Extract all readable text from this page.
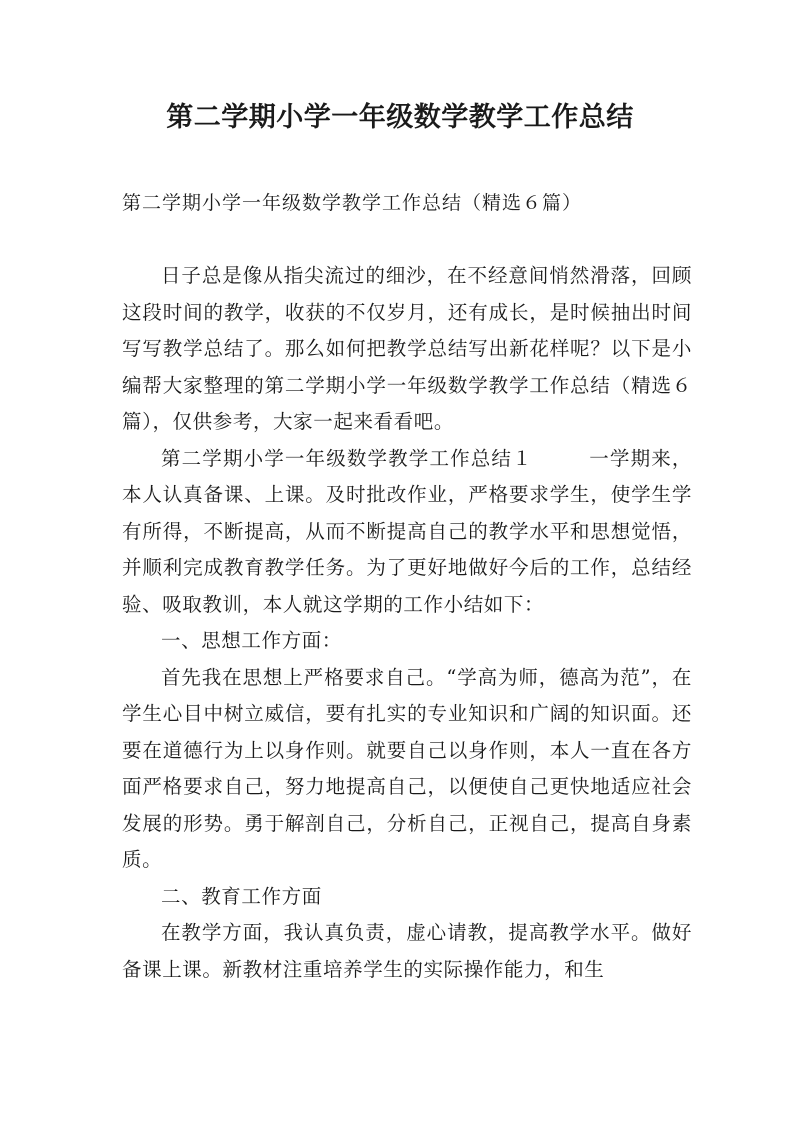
第二学期小学一年级数学教学工作总结

第二学期小学一年级数学教学工作总结（精选６篇）

日子总是像从指尖流过的细沙，在不经意间悄然滑落，回顾这段时间的教学，收获的不仅岁月，还有成长，是时候抽出时间写写教学总结了。那么如何把教学总结写出新花样呢？以下是小编帮大家整理的第二学期小学一年级数学教学工作总结（精选６篇），仅供参考，大家一起来看看吧。

第二学期小学一年级数学教学工作总结１	一学期来，本人认真备课、上课。及时批改作业，严格要求学生，使学生学有所得，不断提高，从而不断提高自己的教学水平和思想觉悟，并顺利完成教育教学任务。为了更好地做好今后的工作，总结经验、吸取教训，本人就这学期的工作小结如下：

一、思想工作方面：

首先我在思想上严格要求自己。“学高为师，德高为范”，在学生心目中树立威信，要有扎实的专业知识和广阔的知识面。还要在道德行为上以身作则。就要自己以身作则，本人一直在各方面严格要求自己，努力地提高自己，以便使自己更快地适应社会发展的形势。勇于解剖自己，分析自己，正视自己，提高自身素质。

二、教育工作方面

在教学方面，我认真负责，虚心请教，提高教学水平。做好备课上课。新教材注重培养学生的实际操作能力，和生
